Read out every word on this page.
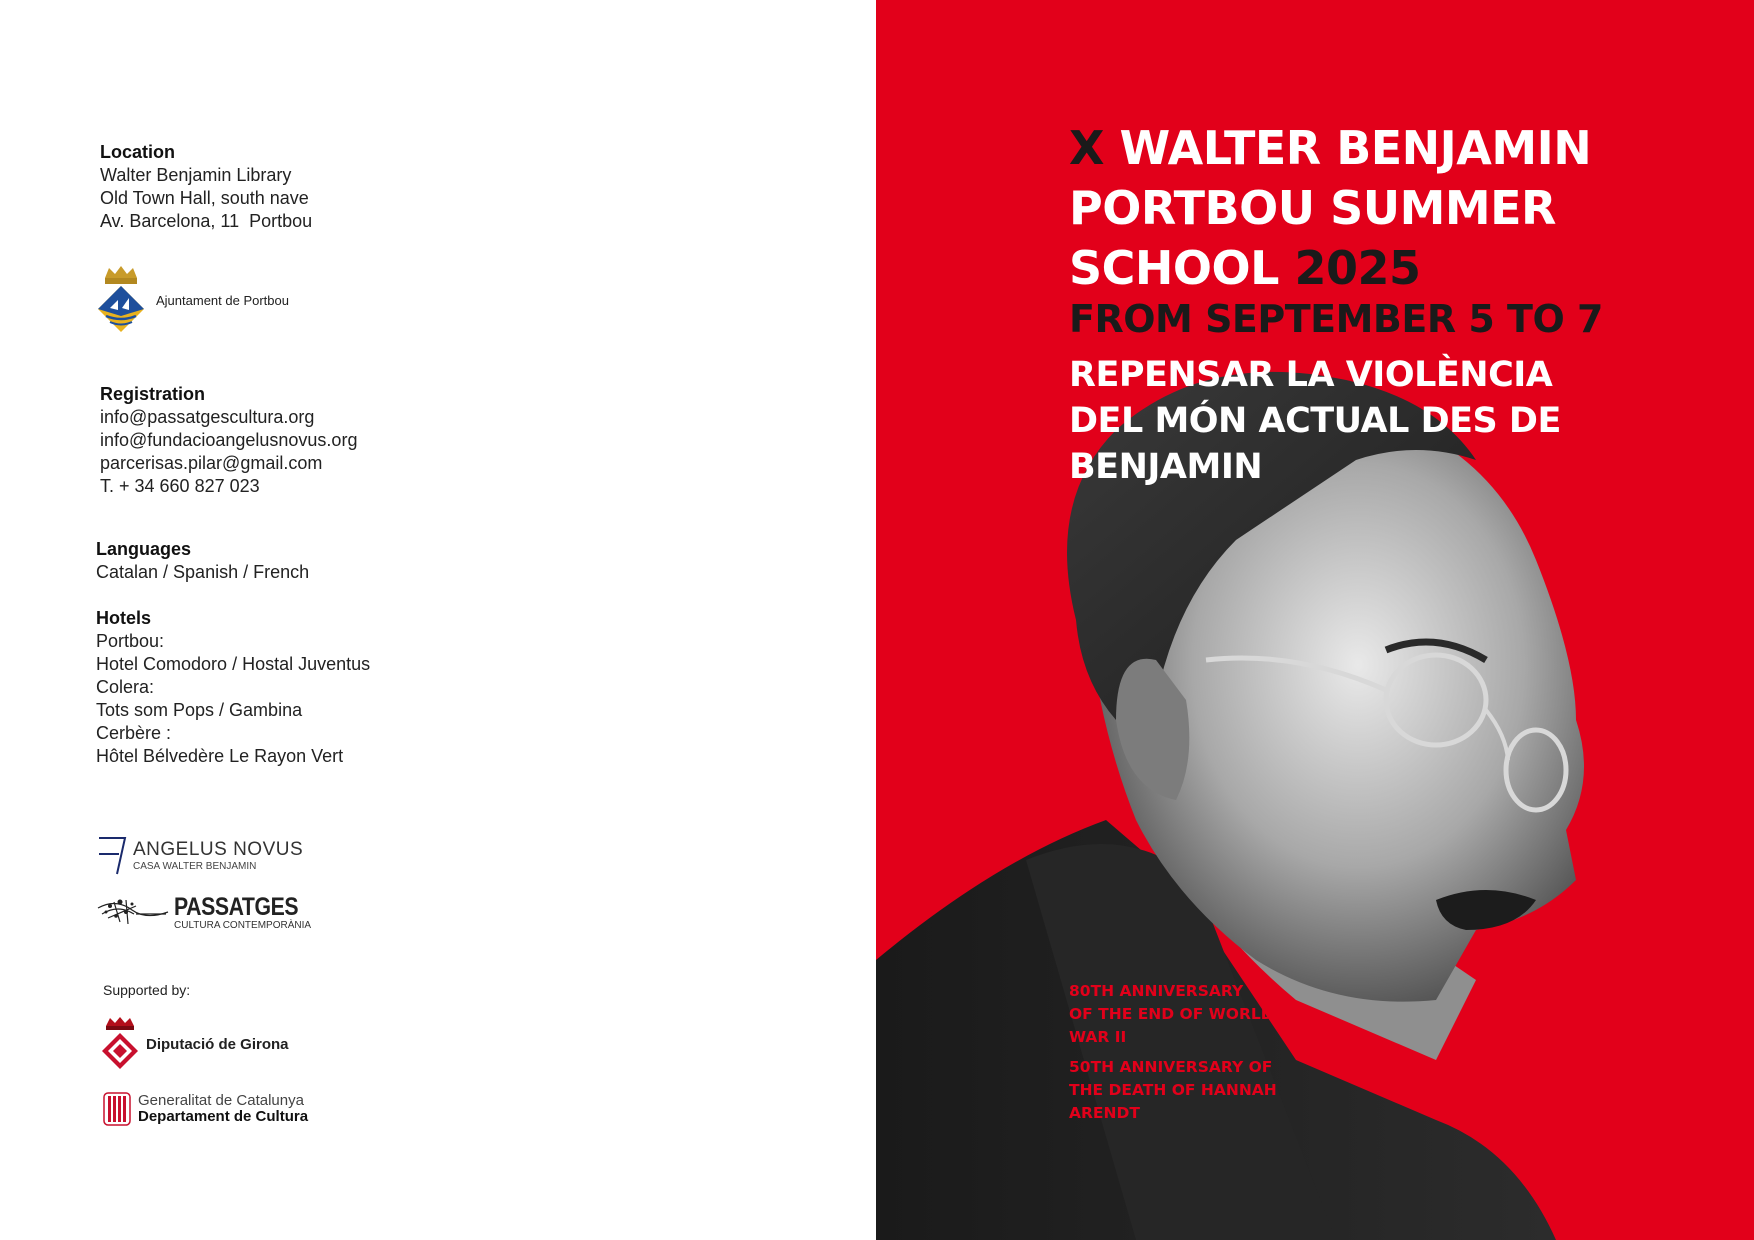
Location
Walter Benjamin Library
Old Town Hall, south nave
Av. Barcelona, 11  Portbou
Ajuntament de Portbou
Registration
info@passatgescultura.org
info@fundacioangelusnovus.org
parcerisas.pilar@gmail.com
T. + 34 660 827 023
Languages
Catalan / Spanish / French
Hotels
Portbou:
Hotel Comodoro / Hostal Juventus
Colera:
Tots som Pops / Gambina
Cerbère :
Hôtel Bélvedère Le Rayon Vert
ANGELUS NOVUS
CASA WALTER BENJAMIN
PASSATGES
CULTURA CONTEMPORÀNIA
Supported by:
Diputació de Girona
Generalitat de Catalunya
Departament de Cultura
X WALTER BENJAMIN
PORTBOU SUMMER
SCHOOL 2025
FROM SEPTEMBER 5 TO 7
REPENSAR LA VIOLÈNCIA
DEL MÓN ACTUAL DES DE
BENJAMIN
80TH ANNIVERSARY
OF THE END OF WORLD
WAR II
50TH ANNIVERSARY OF
THE DEATH OF HANNAH
ARENDT
